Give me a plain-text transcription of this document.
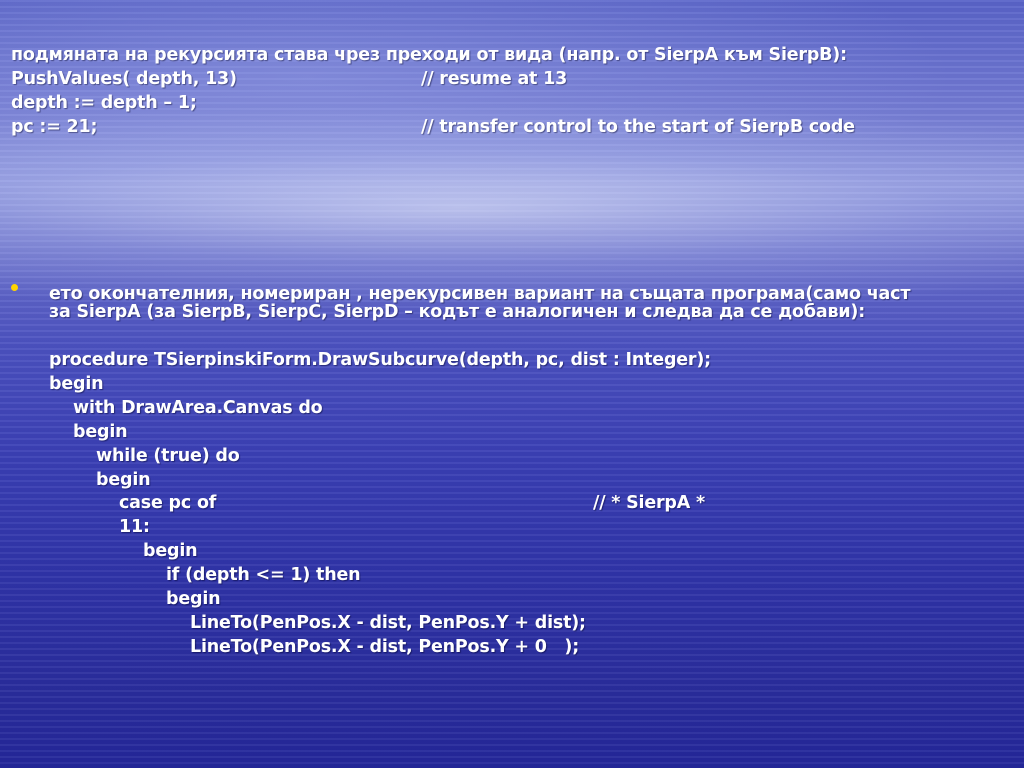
подмяната на рекурсията става чрез преходи от вида (напр. от SierpA към SierpB):
PushValues( depth, 13)	// resume at 13
depth := depth – 1;
pc := 21;	// transfer control to the start of SierpB code
ето окончателния, номериран , нерекурсивен вариант на същата програма(само част
за SierpA (за SierpB, SierpC, SierpD – кодът е аналогичен и следва да се добави):
procedure TSierpinskiForm.DrawSubcurve(depth, pc, dist : Integer);
begin
with DrawArea.Canvas do
begin
while (true) do
begin
case pc of	// * SierpA *
11:
begin
if (depth <= 1) then
begin
LineTo(PenPos.X - dist, PenPos.Y + dist);
LineTo(PenPos.X - dist, PenPos.Y + 0   );
